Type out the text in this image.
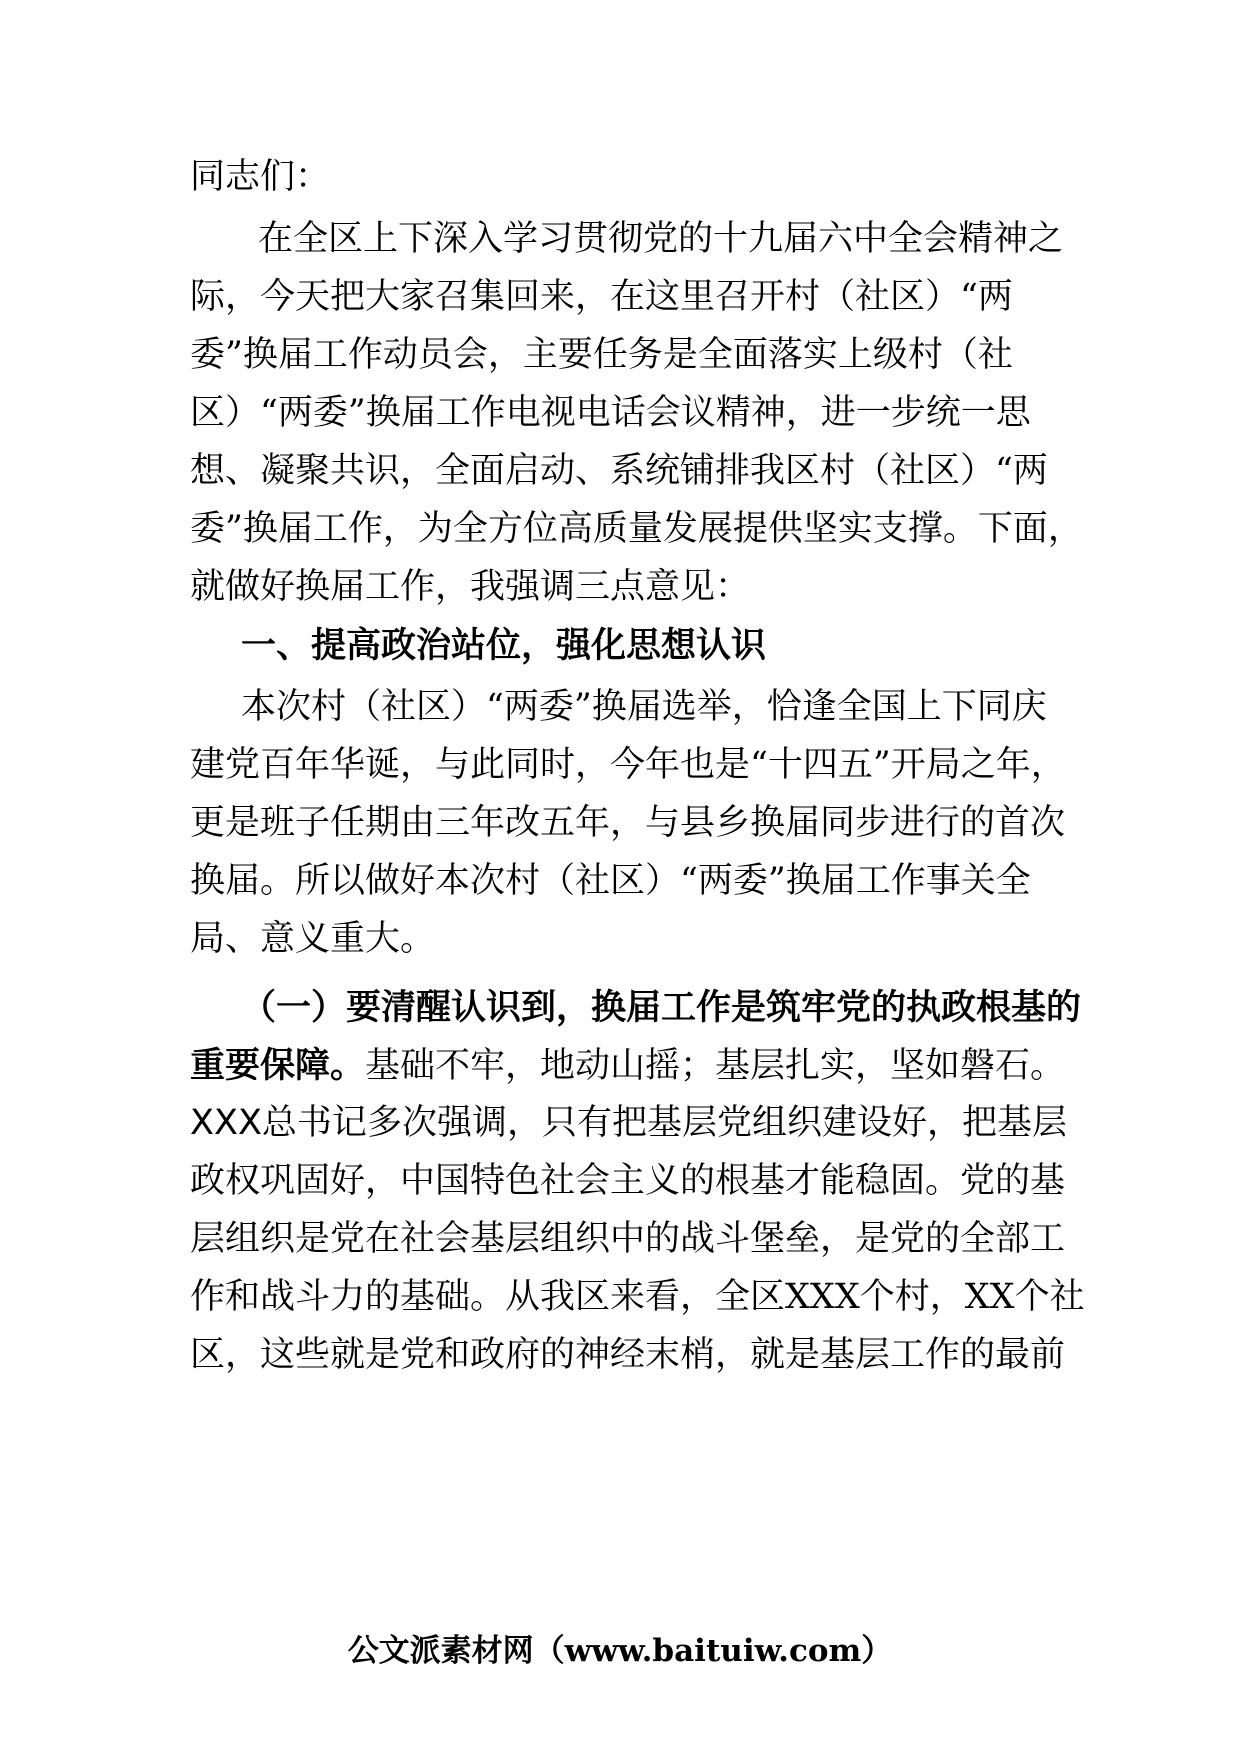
同志们：
在全区上下深入学习贯彻党的十九届六中全会精神之
际，今天把大家召集回来，在这里召开村（社区）“两
委”换届工作动员会，主要任务是全面落实上级村（社
区）“两委”换届工作电视电话会议精神，进一步统一思
想、凝聚共识，全面启动、系统铺排我区村（社区）“两
委”换届工作，为全方位高质量发展提供坚实支撑。下面，
就做好换届工作，我强调三点意见：
一、提高政治站位，强化思想认识
本次村（社区）“两委”换届选举，恰逢全国上下同庆
建党百年华诞，与此同时，今年也是“十四五”开局之年，
更是班子任期由三年改五年，与县乡换届同步进行的首次
换届。所以做好本次村（社区）“两委”换届工作事关全
局、意义重大。
（一）要清醒认识到，换届工作是筑牢党的执政根基的
重要保障。基础不牢，地动山摇；基层扎实，坚如磐石。
XXX总书记多次强调，只有把基层党组织建设好，把基层
政权巩固好，中国特色社会主义的根基才能稳固。党的基
层组织是党在社会基层组织中的战斗堡垒，是党的全部工
作和战斗力的基础。从我区来看，全区XXX个村，XX个社
区，这些就是党和政府的神经末梢，就是基层工作的最前
公文派素材网（www.baituiw.com）
